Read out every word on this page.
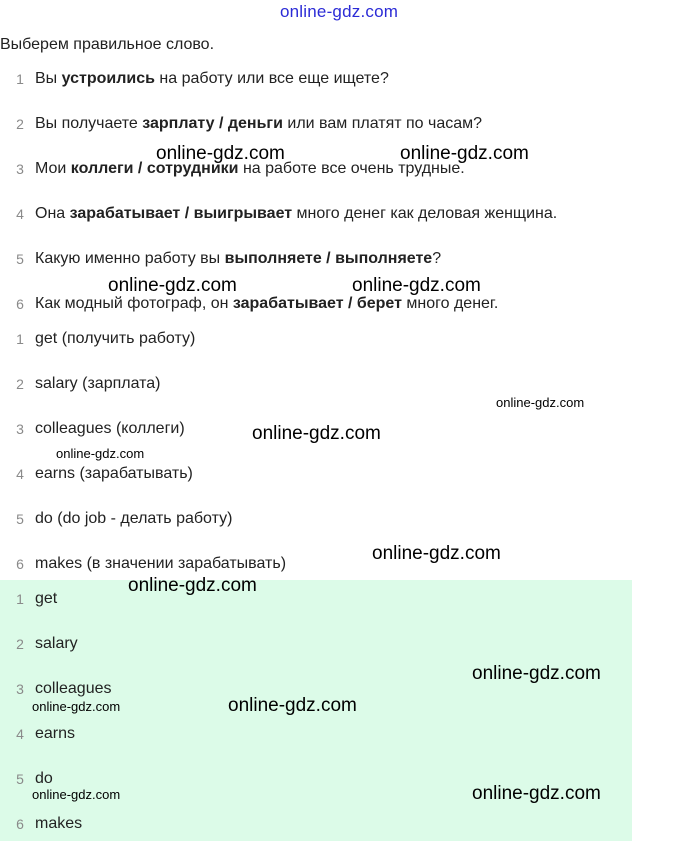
online-gdz.com
Выберем правильное слово.
1 Вы устроились на работу или все еще ищете?
2 Вы получаете зарплату / деньги или вам платят по часам?
3 Мои коллеги / сотрудники на работе все очень трудные.
4 Она зарабатывает / выигрывает много денег как деловая женщина.
5 Какую именно работу вы выполняете / выполняете?
6 Как модный фотограф, он зарабатывает / берет много денег.
1 get (получить работу)
2 salary (зарплата)
3 colleagues (коллеги)
4 earns (зарабатывать)
5 do (do job - делать работу)
6 makes (в значении зарабатывать)
1 get
2 salary
3 colleagues
4 earns
5 do
6 makes
online-gdz.com	online-gdz.com
online-gdz.com	online-gdz.com
online-gdz.com
online-gdz.com
online-gdz.com
online-gdz.com
online-gdz.com
online-gdz.com
online-gdz.com	online-gdz.com
online-gdz.com	online-gdz.com
